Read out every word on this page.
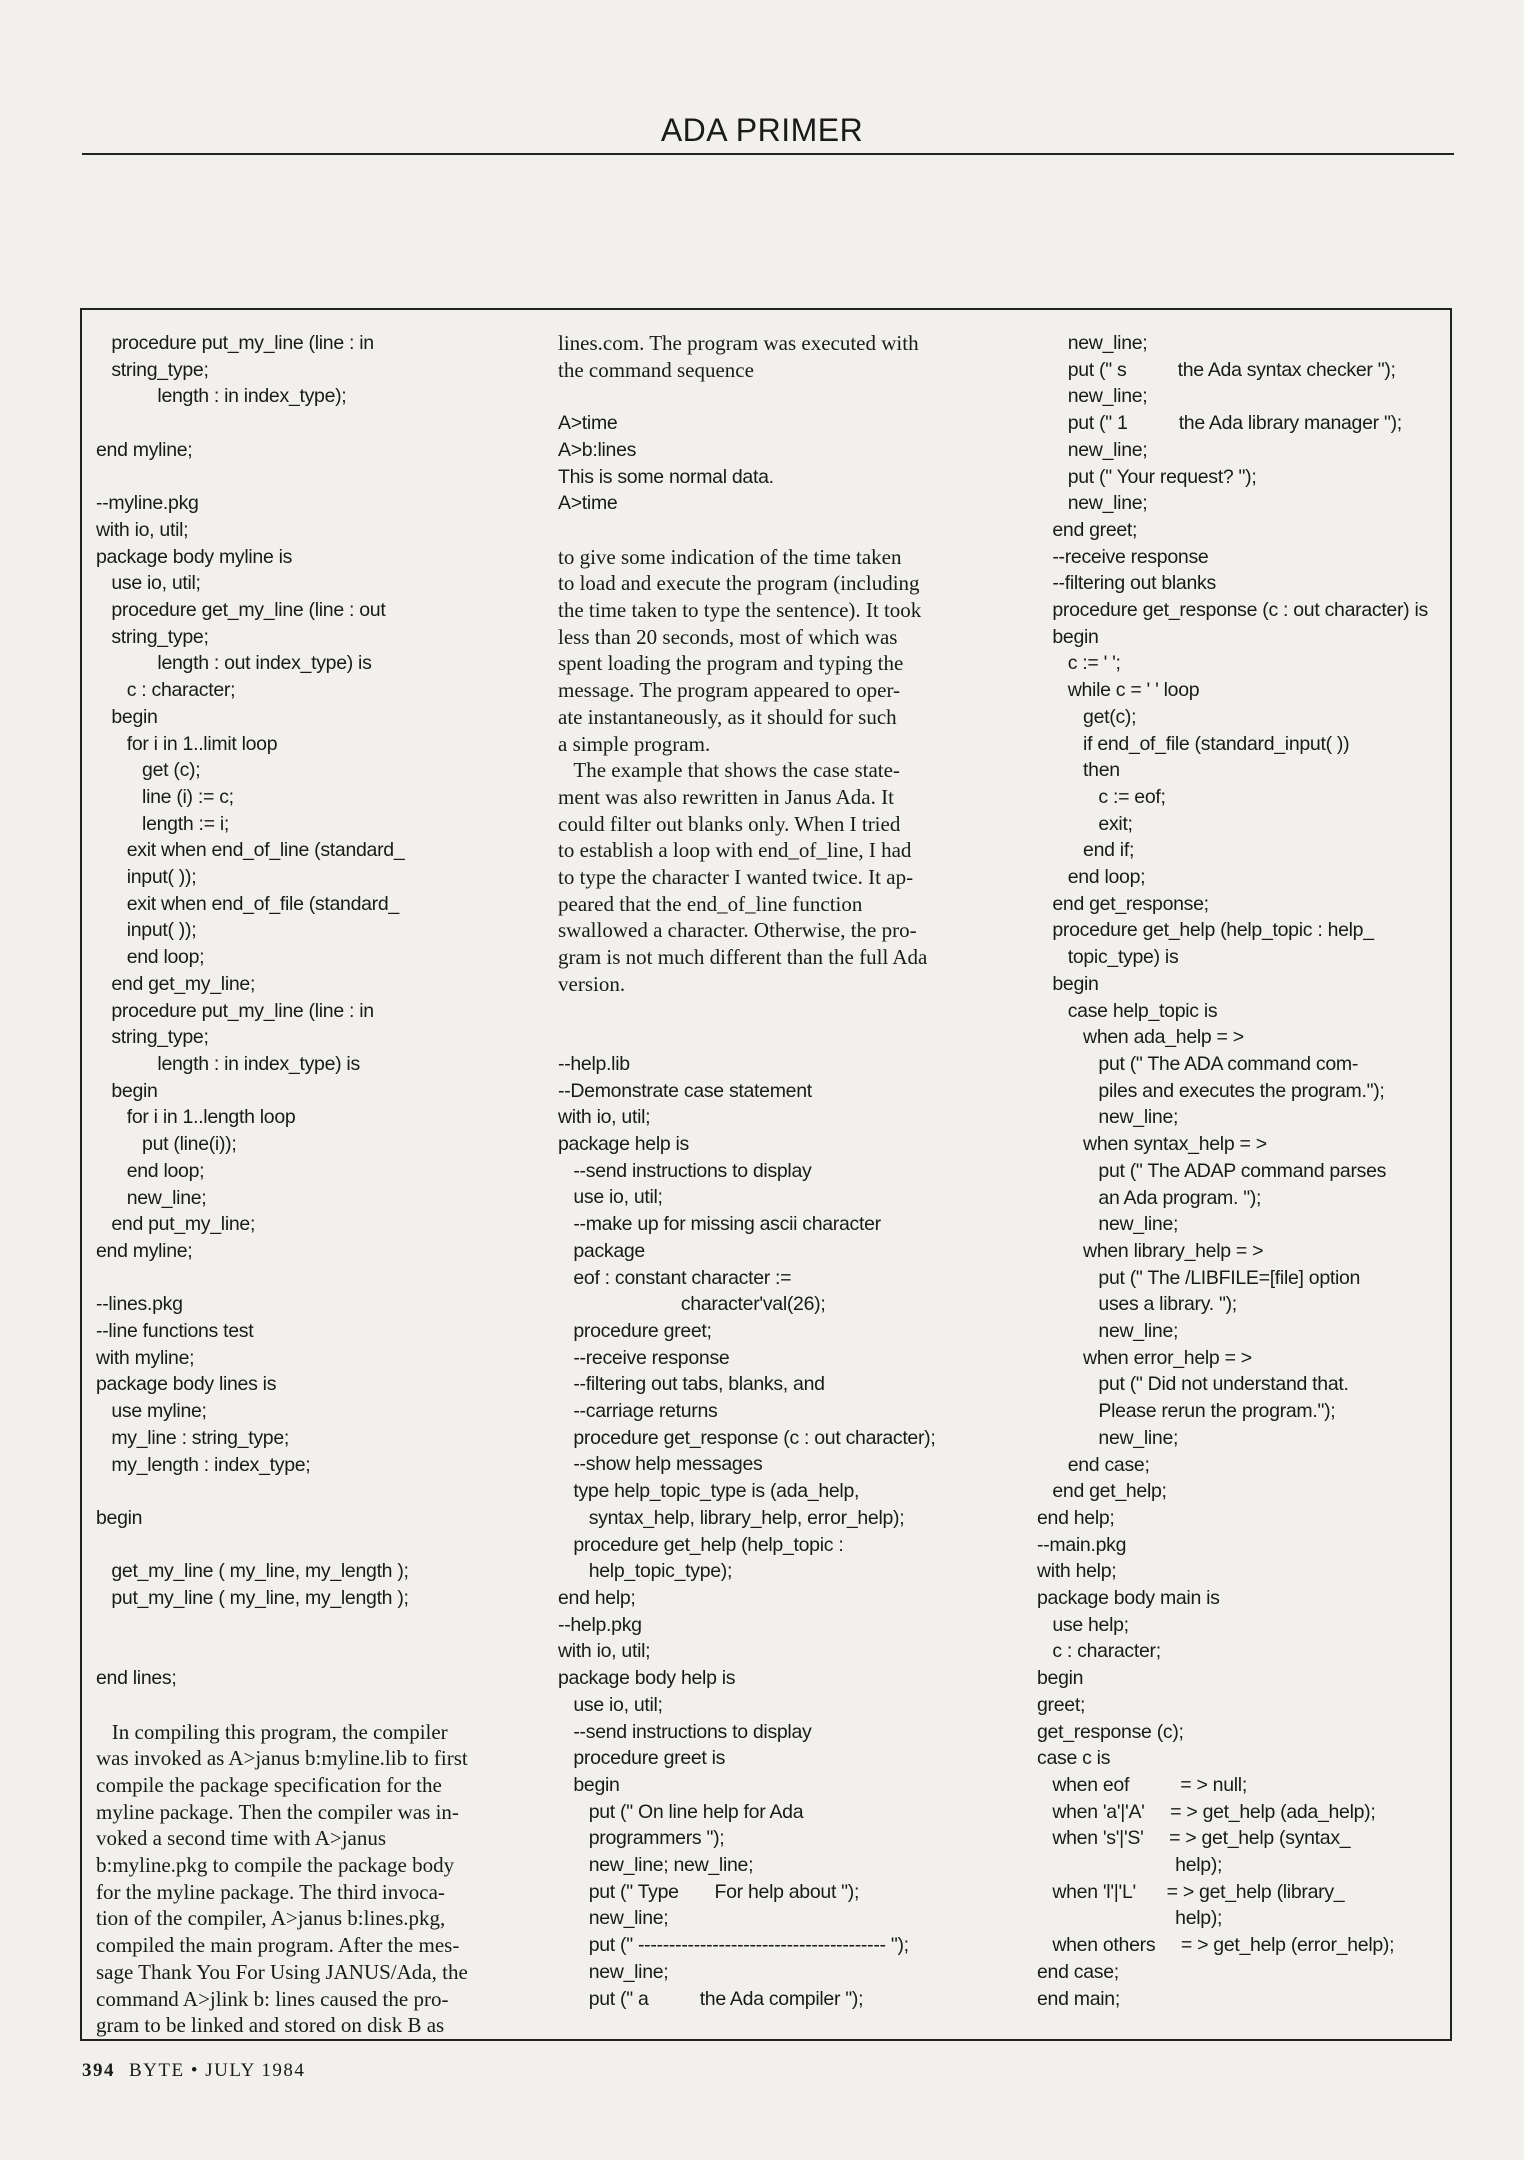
ADA PRIMER
procedure put_my_line (line : in
string_type;
length : in index_type);

end myline;

--myline.pkg
with io, util;
package body myline is
use io, util;
procedure get_my_line (line : out
string_type;
length : out index_type) is
c : character;
begin
for i in 1..limit loop
get (c);
line (i) := c;
length := i;
exit when end_of_line (standard_
input( ));
exit when end_of_file (standard_
input( ));
end loop;
end get_my_line;
procedure put_my_line (line : in
string_type;
length : in index_type) is
begin
for i in 1..length loop
put (line(i));
end loop;
new_line;
end put_my_line;
end myline;

--lines.pkg
--line functions test
with myline;
package body lines is
use myline;
my_line : string_type;
my_length : index_type;

begin

get_my_line ( my_line, my_length );
put_my_line ( my_line, my_length );

end lines;
In compiling this program, the compiler
was invoked as A>janus b:myline.lib to first
compile the package specification for the
myline package. Then the compiler was in-
voked a second time with A>janus
b:myline.pkg to compile the package body
for the myline package. The third invoca-
tion of the compiler, A>janus b:lines.pkg,
compiled the main program. After the mes-
sage Thank You For Using JANUS/Ada, the
command A>jlink b: lines caused the pro-
gram to be linked and stored on disk B as
lines.com. The program was executed with
the command sequence
A>time
A>b:lines
This is some normal data.
A>time
to give some indication of the time taken
to load and execute the program (including
the time taken to type the sentence). It took
less than 20 seconds, most of which was
spent loading the program and typing the
message. The program appeared to oper-
ate instantaneously, as it should for such
a simple program.
The example that shows the case state-
ment was also rewritten in Janus Ada. It
could filter out blanks only. When I tried
to establish a loop with end_of_line, I had
to type the character I wanted twice. It ap-
peared that the end_of_line function
swallowed a character. Otherwise, the pro-
gram is not much different than the full Ada
version.
--help.lib
--Demonstrate case statement
with io, util;
package help is
--send instructions to display
use io, util;
--make up for missing ascii character
package
eof : constant character :=
character'val(26);
procedure greet;
--receive response
--filtering out tabs, blanks, and
--carriage returns
procedure get_response (c : out character);
--show help messages
type help_topic_type is (ada_help,
syntax_help, library_help, error_help);
procedure get_help (help_topic :
help_topic_type);
end help;
--help.pkg
with io, util;
package body help is
use io, util;
--send instructions to display
procedure greet is
begin
put (" On line help for Ada
programmers ");
new_line; new_line;
put (" Type       For help about ");
new_line;
put (" ---------------------------------------- ");
new_line;
put (" a          the Ada compiler ");
new_line;
put (" s          the Ada syntax checker ");
new_line;
put (" 1          the Ada library manager ");
new_line;
put (" Your request? ");
new_line;
end greet;
--receive response
--filtering out blanks
procedure get_response (c : out character) is
begin
c := ' ';
while c = ' ' loop
get(c);
if end_of_file (standard_input( ))
then
c := eof;
exit;
end if;
end loop;
end get_response;
procedure get_help (help_topic : help_
topic_type) is
begin
case help_topic is
when ada_help = >
put (" The ADA command com-
piles and executes the program.");
new_line;
when syntax_help = >
put (" The ADAP command parses
an Ada program. ");
new_line;
when library_help = >
put (" The /LIBFILE=[file] option
uses a library. ");
new_line;
when error_help = >
put (" Did not understand that.
Please rerun the program.");
new_line;
end case;
end get_help;
end help;
--main.pkg
with help;
package body main is
use help;
c : character;
begin
greet;
get_response (c);
case c is
when eof          = > null;
when 'a'|'A'     = > get_help (ada_help);
when 's'|'S'     = > get_help (syntax_
help);
when 'l'|'L'      = > get_help (library_
help);
when others     = > get_help (error_help);
end case;
end main;
394 BYTE • JULY 1984
